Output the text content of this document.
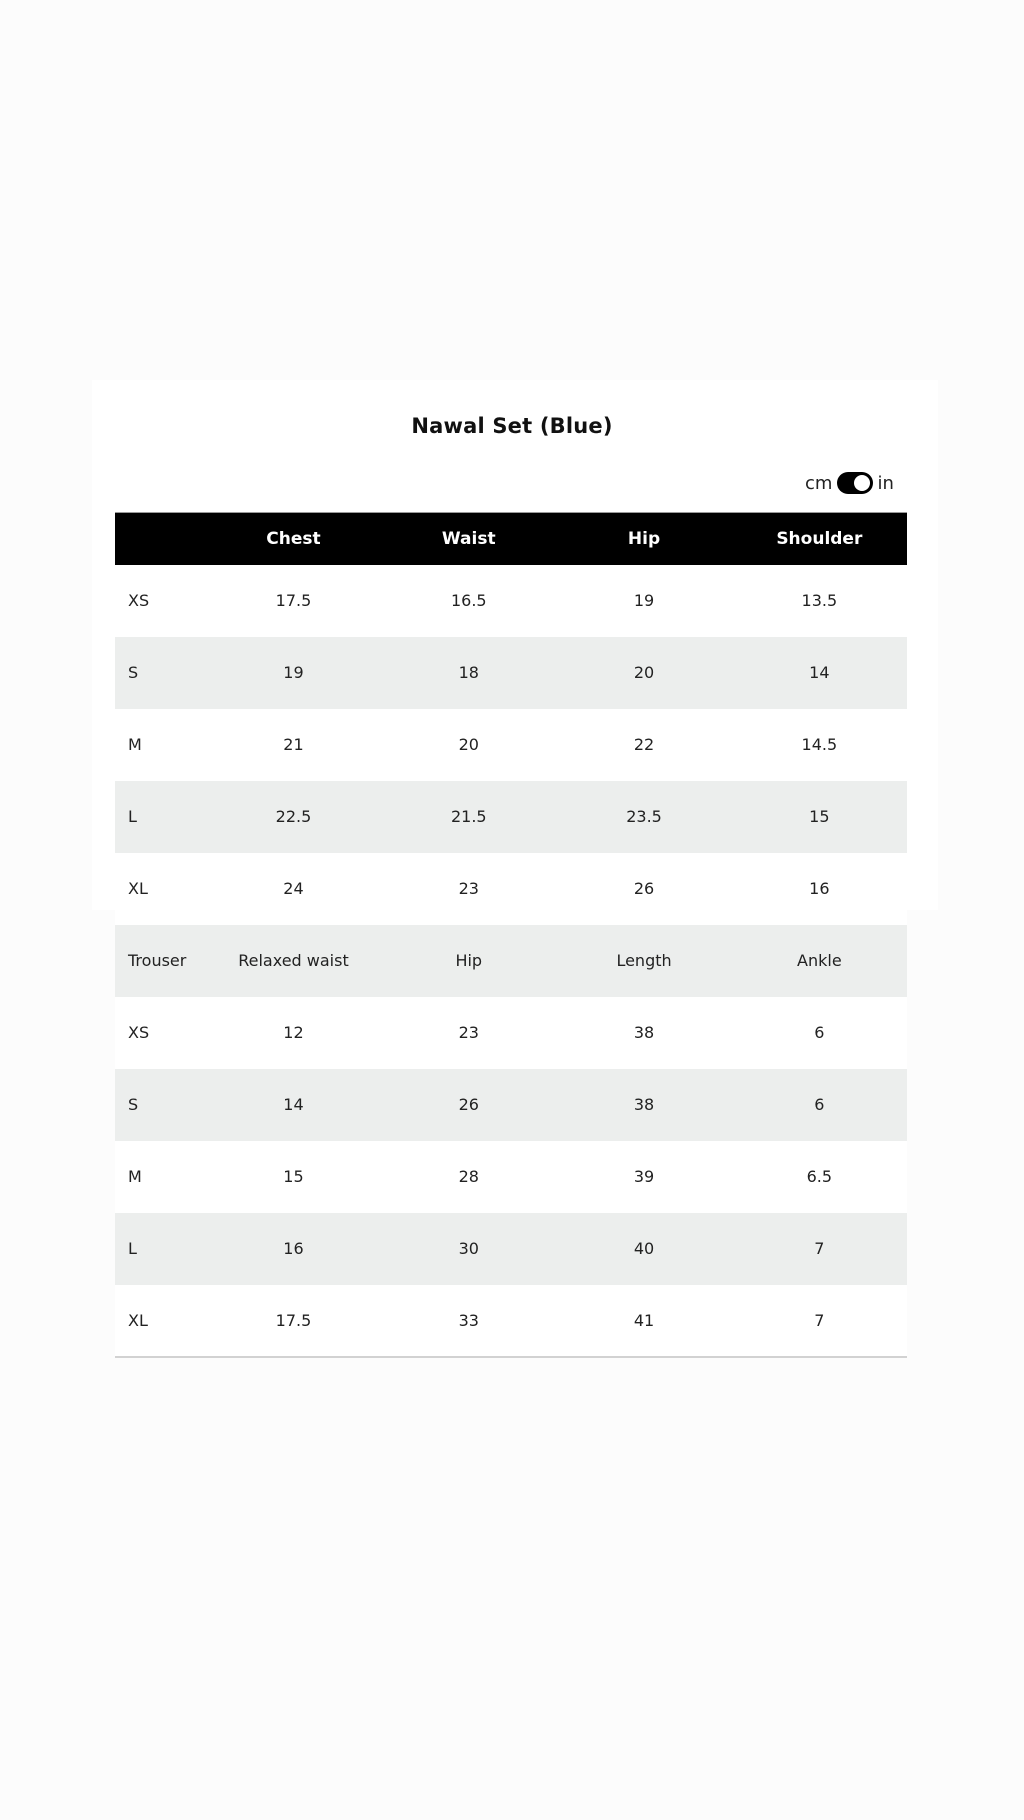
Nawal Set (Blue)
cm	in
	Chest	Waist	Hip	Shoulder
XS	17.5	16.5	19	13.5
S	19	18	20	14
M	21	20	22	14.5
L	22.5	21.5	23.5	15
XL	24	23	26	16
Trouser	Relaxed waist	Hip	Length	Ankle
XS	12	23	38	6
S	14	26	38	6
M	15	28	39	6.5
L	16	30	40	7
XL	17.5	33	41	7
